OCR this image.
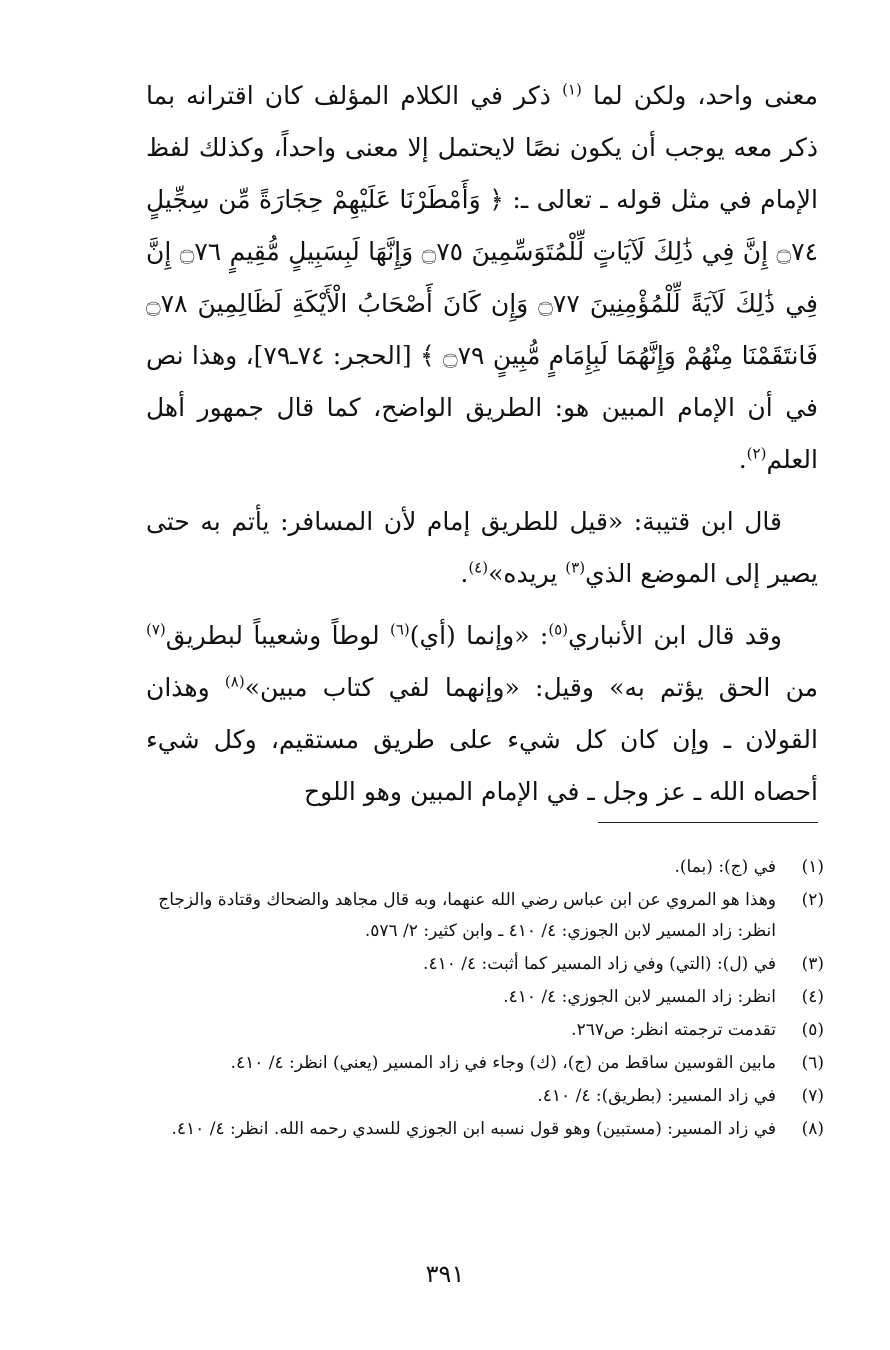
معنى واحد، ولكن لما $^{(١)}$ ذكر في الكلام المؤلف كان اقترانه بما ذكر معه يوجب أن يكون نصًا لايحتمل إلا معنى واحداً، وكذلك لفظ الإمام في مثل قوله ـ تعالى ـ: ﴿ وَأَمْطَرْنَا عَلَيْهِمْ حِجَارَةً مِّن سِجِّيلٍ ۝٧٤ إِنَّ فِي ذَٰلِكَ لَآيَاتٍ لِّلْمُتَوَسِّمِينَ ۝٧٥ وَإِنَّهَا لَبِسَبِيلٍ مُّقِيمٍ ۝٧٦ إِنَّ فِي ذَٰلِكَ لَآيَةً لِّلْمُؤْمِنِينَ ۝٧٧ وَإِن كَانَ أَصْحَابُ الْأَيْكَةِ لَظَالِمِينَ ۝٧٨ فَانتَقَمْنَا مِنْهُمْ وَإِنَّهُمَا لَبِإِمَامٍ مُّبِينٍ ۝٧٩ ﴾ [الحجر: ٧٤ـ٧٩]، وهذا نص في أن الإمام المبين هو: الطريق الواضح، كما قال جمهور أهل العلم$^{(٢)}$.

قال ابن قتيبة: «قيل للطريق إمام لأن المسافر: يأتم به حتى يصير إلى الموضع الذي$^{(٣)}$ يريده»$^{(٤)}$.

وقد قال ابن الأنباري$^{(٥)}$: «وإنما (أي)$^{(٦)}$ لوطاً وشعيباً لبطريق$^{(٧)}$ من الحق يؤتم به» وقيل: «وإنهما لفي كتاب مبين»$^{(٨)}$ وهذان القولان ـ وإن كان كل شيء على طريق مستقيم، وكل شيء أحصاه الله ـ عز وجل ـ في الإمام المبين وهو اللوح

(١)
في (ج): (بما).
(٢)
وهذا هو المروي عن ابن عباس رضي الله عنهما، وبه قال مجاهد والضحاك وقتادة والزجاج
انظر: زاد المسير لابن الجوزي: ٤/ ٤١٠ ـ وابن كثير: ٢/ ٥٧٦.
(٣)
في (ل): (التي) وفي زاد المسير كما أثبت: ٤/ ٤١٠.
(٤)
انظر: زاد المسير لابن الجوزي: ٤/ ٤١٠.
(٥)
تقدمت ترجمته انظر: ص٢٦٧.
(٦)
مابين القوسين ساقط من (ج)، (ك) وجاء في زاد المسير (يعني) انظر: ٤/ ٤١٠.
(٧)
في زاد المسير: (بطريق): ٤/ ٤١٠.
(٨)
في زاد المسير: (مستبين) وهو قول نسبه ابن الجوزي للسدي رحمه الله. انظر: ٤/ ٤١٠.
٣٩١
